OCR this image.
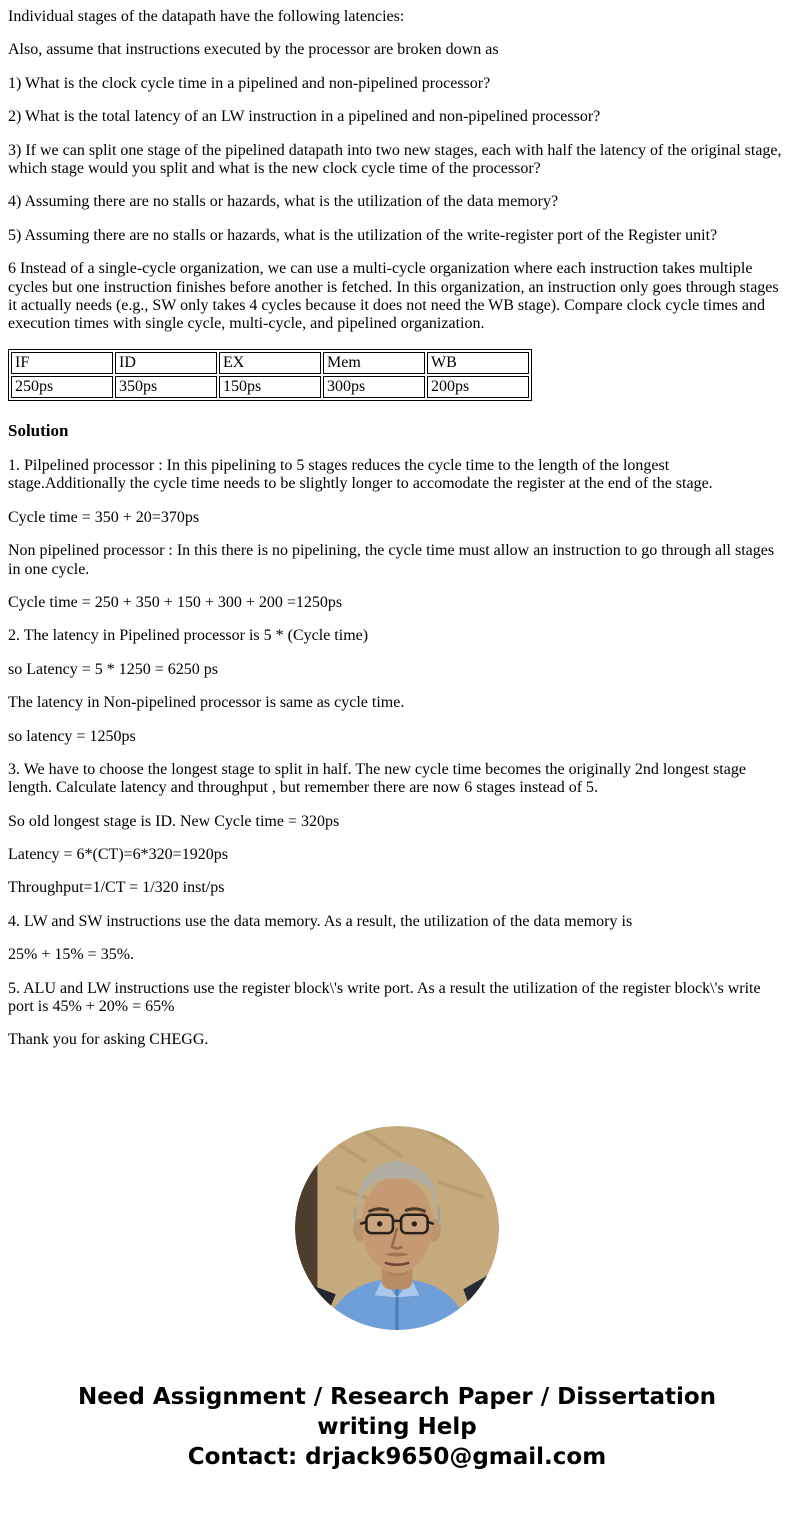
Individual stages of the datapath have the following latencies:

Also, assume that instructions executed by the processor are broken down as

1) What is the clock cycle time in a pipelined and non-pipelined processor?

2) What is the total latency of an LW instruction in a pipelined and non-pipelined processor?

3) If we can split one stage of the pipelined datapath into two new stages, each with half the latency of the original stage, which stage would you split and what is the new clock cycle time of the processor?

4) Assuming there are no stalls or hazards, what is the utilization of the data memory?

5) Assuming there are no stalls or hazards, what is the utilization of the write-register port of the Register unit?

6 Instead of a single-cycle organization, we can use a multi-cycle organization where each instruction takes multiple cycles but one instruction finishes before another is fetched. In this organization, an instruction only goes through stages it actually needs (e.g., SW only takes 4 cycles because it does not need the WB stage). Compare clock cycle times and execution times with single cycle, multi-cycle, and pipelined organization.

IF	ID	EX	Mem	WB
250ps	350ps	150ps	300ps	200ps
Solution

1. Pilpelined processor : In this pipelining to 5 stages reduces the cycle time to the length of the longest stage.Additionally the cycle time needs to be slightly longer to accomodate the register at the end of the stage.

Cycle time = 350 + 20=370ps

Non pipelined processor : In this there is no pipelining, the cycle time must allow an instruction to go through all stages in one cycle.

Cycle time = 250 + 350 + 150 + 300 + 200 =1250ps

2. The latency in Pipelined processor is 5 * (Cycle time)

so Latency = 5 * 1250 = 6250 ps

The latency in Non-pipelined processor is same as cycle time.

so latency = 1250ps

3. We have to choose the longest stage to split in half. The new cycle time becomes the originally 2nd longest stage length. Calculate latency and throughput , but remember there are now 6 stages instead of 5.

So old longest stage is ID. New Cycle time = 320ps

Latency = 6*(CT)=6*320=1920ps

Throughput=1/CT = 1/320 inst/ps

4. LW and SW instructions use the data memory. As a result, the utilization of the data memory is

25% + 15% = 35%.

5. ALU and LW instructions use the register block\'s write port. As a result the utilization of the register block\'s write port is 45% + 20% = 65%

Thank you for asking CHEGG.

Need Assignment / Research Paper / Dissertation writing Help
Contact: drjack9650@gmail.com
